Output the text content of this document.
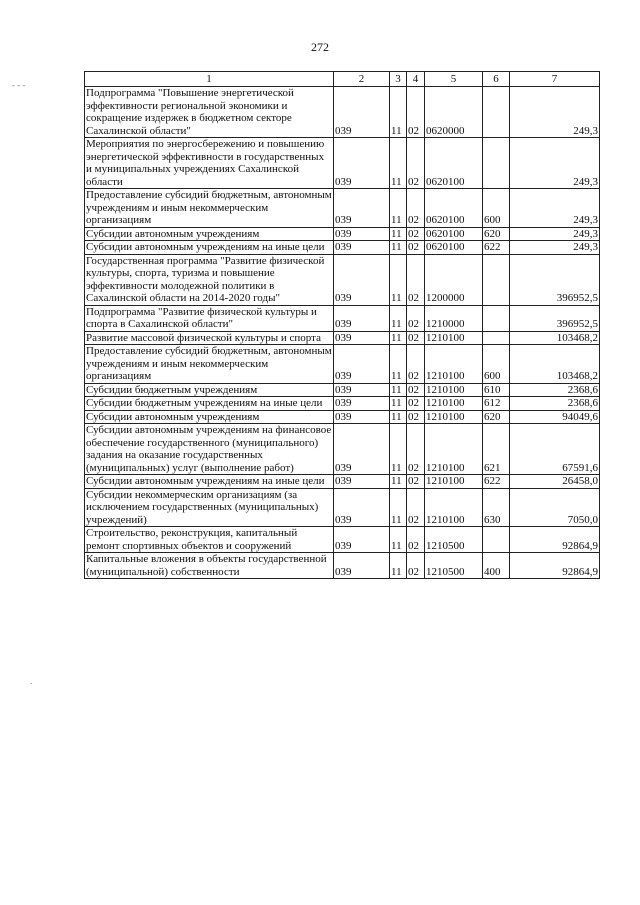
272
- - -
.
1	2	3	4	5	6	7
Подпрограмма "Повышение энергетической эффективности региональной экономики и сокращение издержек в бюджетном секторе Сахалинской области"	039	11	02	0620000		249,3
Мероприятия по энергосбережению и повышению энергетической эффективности в государственных и муниципальных учреждениях Сахалинской области	039	11	02	0620100		249,3
Предоставление субсидий бюджетным, автономным учреждениям и иным некоммерческим организациям	039	11	02	0620100	600	249,3
Субсидии автономным учреждениям	039	11	02	0620100	620	249,3
Субсидии автономным учреждениям на иные цели	039	11	02	0620100	622	249,3
Государственная программа "Развитие физической культуры, спорта, туризма и повышение эффективности молодежной политики в Сахалинской области на 2014-2020 годы"	039	11	02	1200000		396952,5
Подпрограмма "Развитие физической культуры и спорта в Сахалинской области"	039	11	02	1210000		396952,5
Развитие массовой физической культуры и спорта	039	11	02	1210100		103468,2
Предоставление субсидий бюджетным, автономным учреждениям и иным некоммерческим организациям	039	11	02	1210100	600	103468,2
Субсидии бюджетным учреждениям	039	11	02	1210100	610	2368,6
Субсидии бюджетным учреждениям на иные цели	039	11	02	1210100	612	2368,6
Субсидии автономным учреждениям	039	11	02	1210100	620	94049,6
Субсидии автономным учреждениям на финансовое обеспечение государственного (муниципального) задания на оказание государственных (муниципальных) услуг (выполнение работ)	039	11	02	1210100	621	67591,6
Субсидии автономным учреждениям на иные цели	039	11	02	1210100	622	26458,0
Субсидии некоммерческим организациям (за исключением государственных (муниципальных) учреждений)	039	11	02	1210100	630	7050,0
Строительство, реконструкция, капитальный ремонт спортивных объектов и сооружений	039	11	02	1210500		92864,9
Капитальные вложения в объекты государственной (муниципальной) собственности	039	11	02	1210500	400	92864,9
